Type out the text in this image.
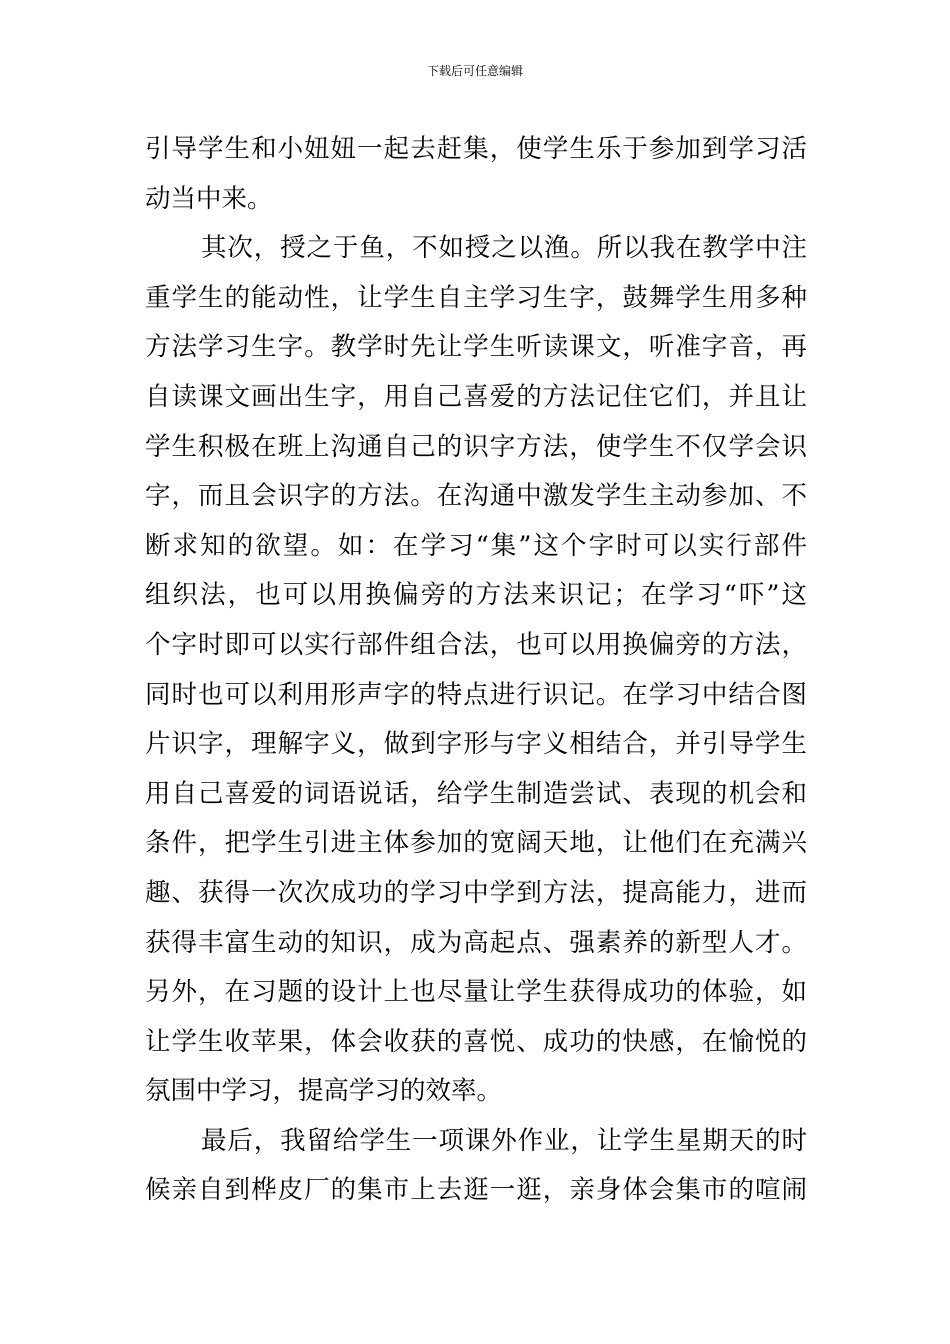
下载后可任意编辑
引导学生和小妞妞一起去赶集，使学生乐于参加到学习活
动当中来。
其次，授之于鱼，不如授之以渔。所以我在教学中注
重学生的能动性，让学生自主学习生字，鼓舞学生用多种
方法学习生字。教学时先让学生听读课文，听准字音，再
自读课文画出生字，用自己喜爱的方法记住它们，并且让
学生积极在班上沟通自己的识字方法，使学生不仅学会识
字，而且会识字的方法。在沟通中激发学生主动参加、不
断求知的欲望。如：在学习“集”这个字时可以实行部件
组织法，也可以用换偏旁的方法来识记；在学习“吓”这
个字时即可以实行部件组合法，也可以用换偏旁的方法，
同时也可以利用形声字的特点进行识记。在学习中结合图
片识字，理解字义，做到字形与字义相结合，并引导学生
用自己喜爱的词语说话，给学生制造尝试、表现的机会和
条件，把学生引进主体参加的宽阔天地，让他们在充满兴
趣、获得一次次成功的学习中学到方法，提高能力，进而
获得丰富生动的知识，成为高起点、强素养的新型人才。
另外，在习题的设计上也尽量让学生获得成功的体验，如
让学生收苹果，体会收获的喜悦、成功的快感，在愉悦的
氛围中学习，提高学习的效率。
最后，我留给学生一项课外作业，让学生星期天的时
候亲自到桦皮厂的集市上去逛一逛，亲身体会集市的喧闹
